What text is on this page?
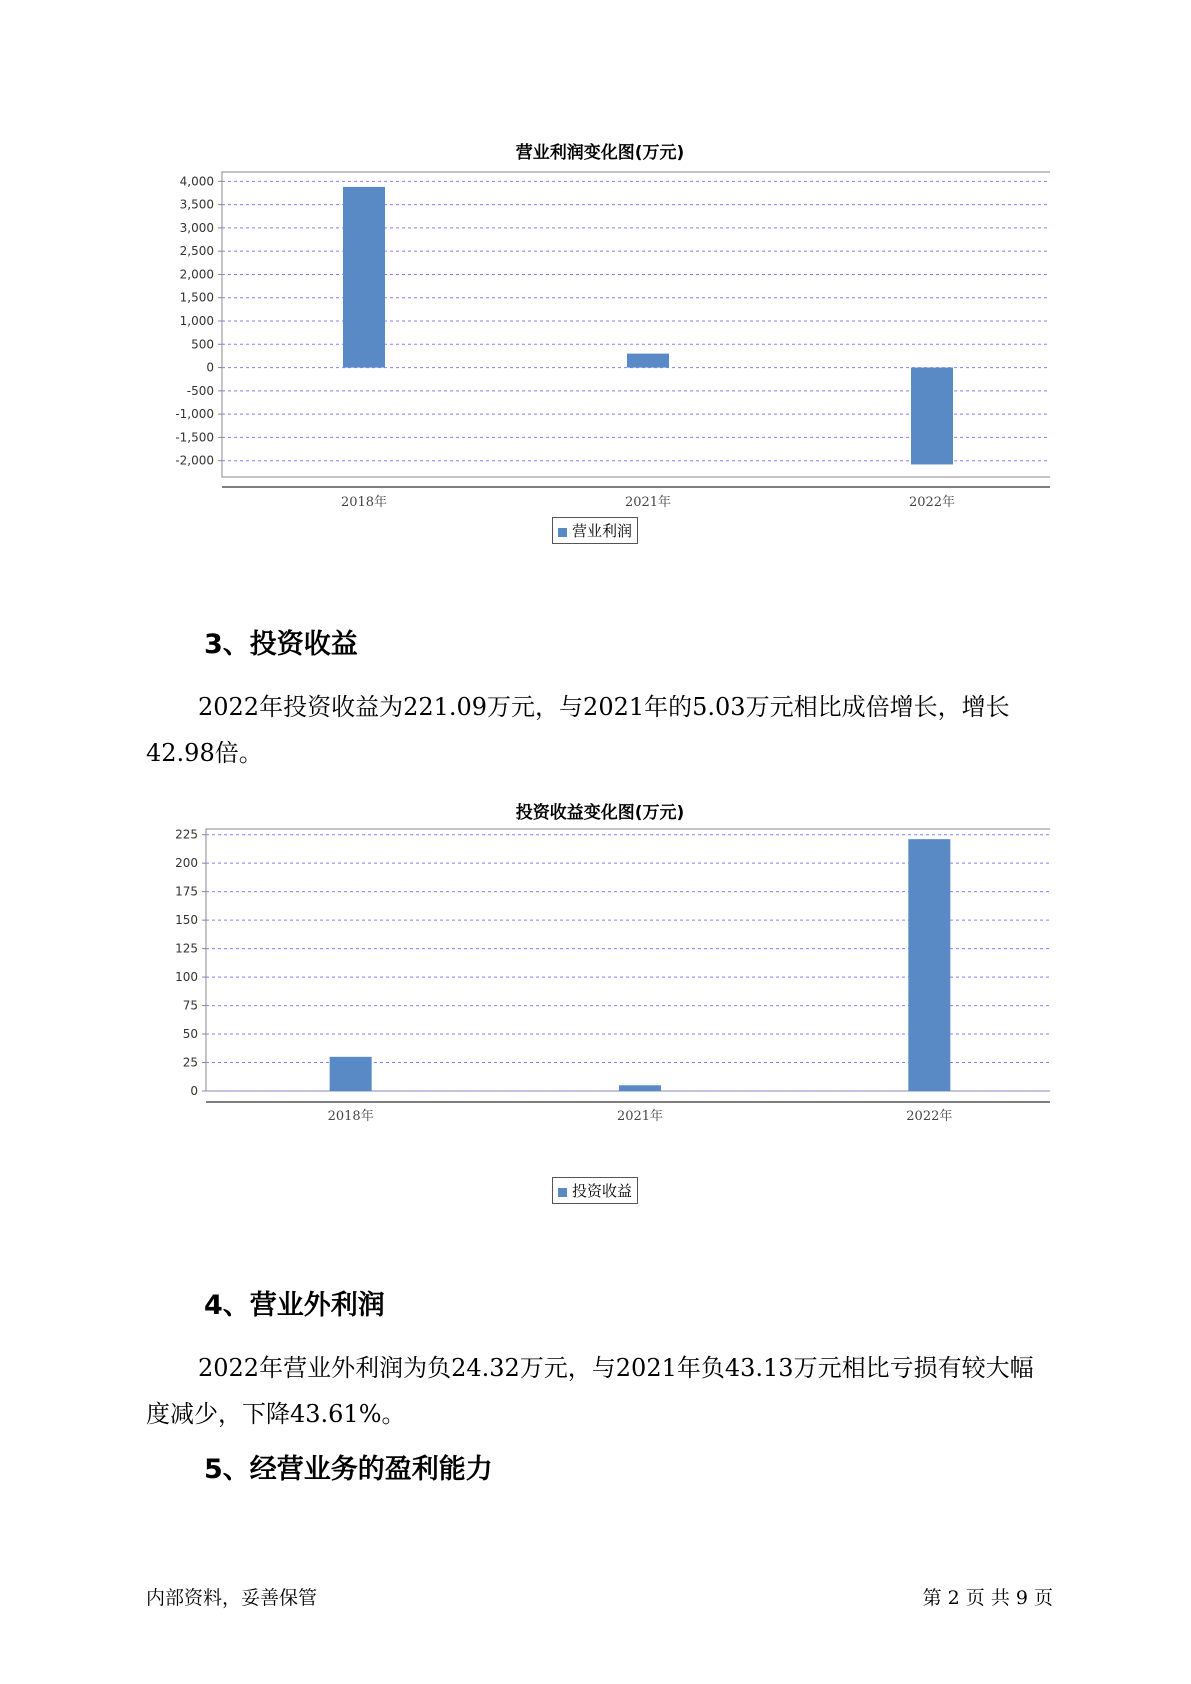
营业利润变化图(万元)
4,000
3,500
3,000
2,500
2,000
1,500
1,000
500
0
-500
-1,000
-1,500
-2,000
2018年	2021年	2022年
营业利润
3、投资收益
2022年投资收益为221.09万元，与2021年的5.03万元相比成倍增长，增长42.98倍。
投资收益变化图(万元)
225
200
175
150
125
100
75
50
25
0
2018年	2021年	2022年
投资收益
4、营业外利润
2022年营业外利润为负24.32万元，与2021年负43.13万元相比亏损有较大幅度减少，下降43.61%。
5、经营业务的盈利能力
内部资料，妥善保管	第 2 页 共 9 页
